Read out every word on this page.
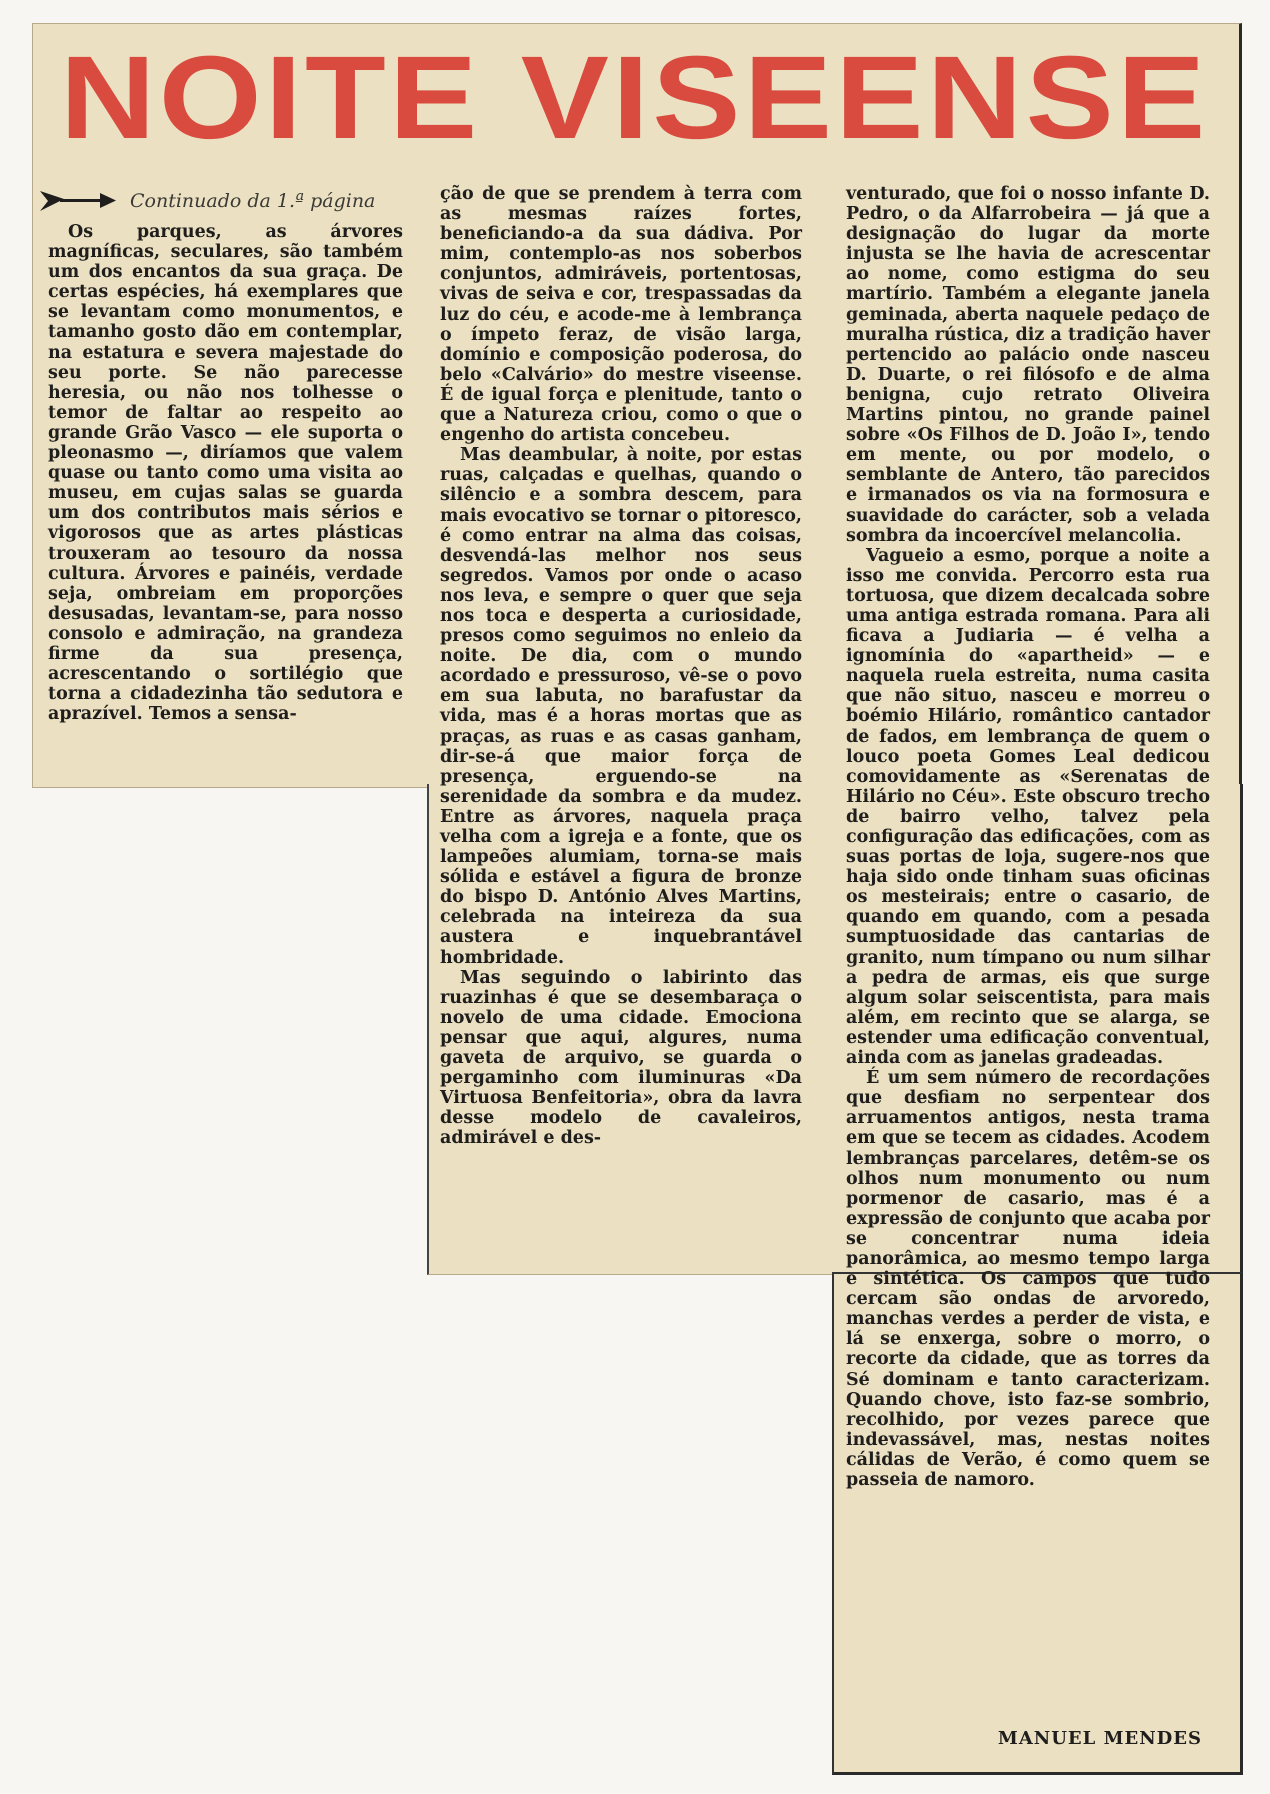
NOITE VISEENSE
Continuado da 1.ª página

Os parques, as árvores magníficas, seculares, são também um dos encantos da sua graça. De certas espécies, há exemplares que se levantam como monumentos, e tamanho gosto dão em contemplar, na estatura e severa majestade do seu porte. Se não parecesse heresia, ou não nos tolhesse o temor de faltar ao respeito ao grande Grão Vasco — ele suporta o pleonasmo —, diríamos que valem quase ou tanto como uma visita ao museu, em cujas salas se guarda um dos contributos mais sérios e vigorosos que as artes plásticas trouxeram ao tesouro da nossa cultura. Árvores e painéis, verdade seja, ombreiam em proporções desusadas, levantam-se, para nosso consolo e admiração, na grandeza firme da sua presença, acrescentando o sortilégio que torna a cidadezinha tão sedutora e aprazível. Temos a sensa-

ção de que se prendem à terra com as mesmas raízes fortes, beneficiando-a da sua dádiva. Por mim, contemplo-as nos soberbos conjuntos, admiráveis, portentosas, vivas de seiva e cor, trespassadas da luz do céu, e acode-me à lembrança o ímpeto feraz, de visão larga, domínio e composição poderosa, do belo «Calvário» do mestre viseense. É de igual força e plenitude, tanto o que a Natureza criou, como o que o engenho do artista concebeu.

Mas deambular, à noite, por estas ruas, calçadas e quelhas, quando o silêncio e a sombra descem, para mais evocativo se tornar o pitoresco, é como entrar na alma das coisas, desvendá-las melhor nos seus segredos. Vamos por onde o acaso nos leva, e sempre o quer que seja nos toca e desperta a curiosidade, presos como seguimos no enleio da noite. De dia, com o mundo acordado e pressuroso, vê-se o povo em sua labuta, no barafustar da vida, mas é a horas mortas que as praças, as ruas e as casas ganham, dir-se-á que maior força de presença, erguendo-se na serenidade da sombra e da mudez. Entre as árvores, naquela praça velha com a igreja e a fonte, que os lampeões alumiam, torna-se mais sólida e estável a figura de bronze do bispo D. António Alves Martins, celebrada na inteireza da sua austera e inquebrantável hombridade.

Mas seguindo o labirinto das ruazinhas é que se desembaraça o novelo de uma cidade. Emociona pensar que aqui, algures, numa gaveta de arquivo, se guarda o pergaminho com iluminuras «Da Virtuosa Benfeitoria», obra da lavra desse modelo de cavaleiros, admirável e des-

venturado, que foi o nosso infante D. Pedro, o da Alfarrobeira — já que a designação do lugar da morte injusta se lhe havia de acrescentar ao nome, como estigma do seu martírio. Também a elegante janela geminada, aberta naquele pedaço de muralha rústica, diz a tradição haver pertencido ao palácio onde nasceu D. Duarte, o rei filósofo e de alma benigna, cujo retrato Oliveira Martins pintou, no grande painel sobre «Os Filhos de D. João I», tendo em mente, ou por modelo, o semblante de Antero, tão parecidos e irmanados os via na formosura e suavidade do carácter, sob a velada sombra da incoercível melancolia.

Vagueio a esmo, porque a noite a isso me convida. Percorro esta rua tortuosa, que dizem decalcada sobre uma antiga estrada romana. Para ali ficava a Judiaria — é velha a ignomínia do «apartheid» — e naquela ruela estreita, numa casita que não situo, nasceu e morreu o boémio Hilário, romântico cantador de fados, em lembrança de quem o louco poeta Gomes Leal dedicou comovidamente as «Serenatas de Hilário no Céu». Este obscuro trecho de bairro velho, talvez pela configuração das edificações, com as suas portas de loja, sugere-nos que haja sido onde tinham suas oficinas os mesteirais; entre o casario, de quando em quando, com a pesada sumptuosidade das cantarias de granito, num tímpano ou num silhar a pedra de armas, eis que surge algum solar seiscentista, para mais além, em recinto que se alarga, se estender uma edificação conventual, ainda com as janelas gradeadas.

É um sem número de recordações que desfiam no serpentear dos arruamentos antigos, nesta trama em que se tecem as cidades. Acodem lembranças parcelares, detêm-se os olhos num monumento ou num pormenor de casario, mas é a expressão de conjunto que acaba por se concentrar numa ideia panorâmica, ao mesmo tempo larga e sintética. Os campos que tudo cercam são ondas de arvoredo, manchas verdes a perder de vista, e lá se enxerga, sobre o morro, o recorte da cidade, que as torres da Sé dominam e tanto caracterizam. Quando chove, isto faz-se sombrio, recolhido, por vezes parece que indevassável, mas, nestas noites cálidas de Verão, é como quem se passeia de namoro.

MANUEL MENDES
